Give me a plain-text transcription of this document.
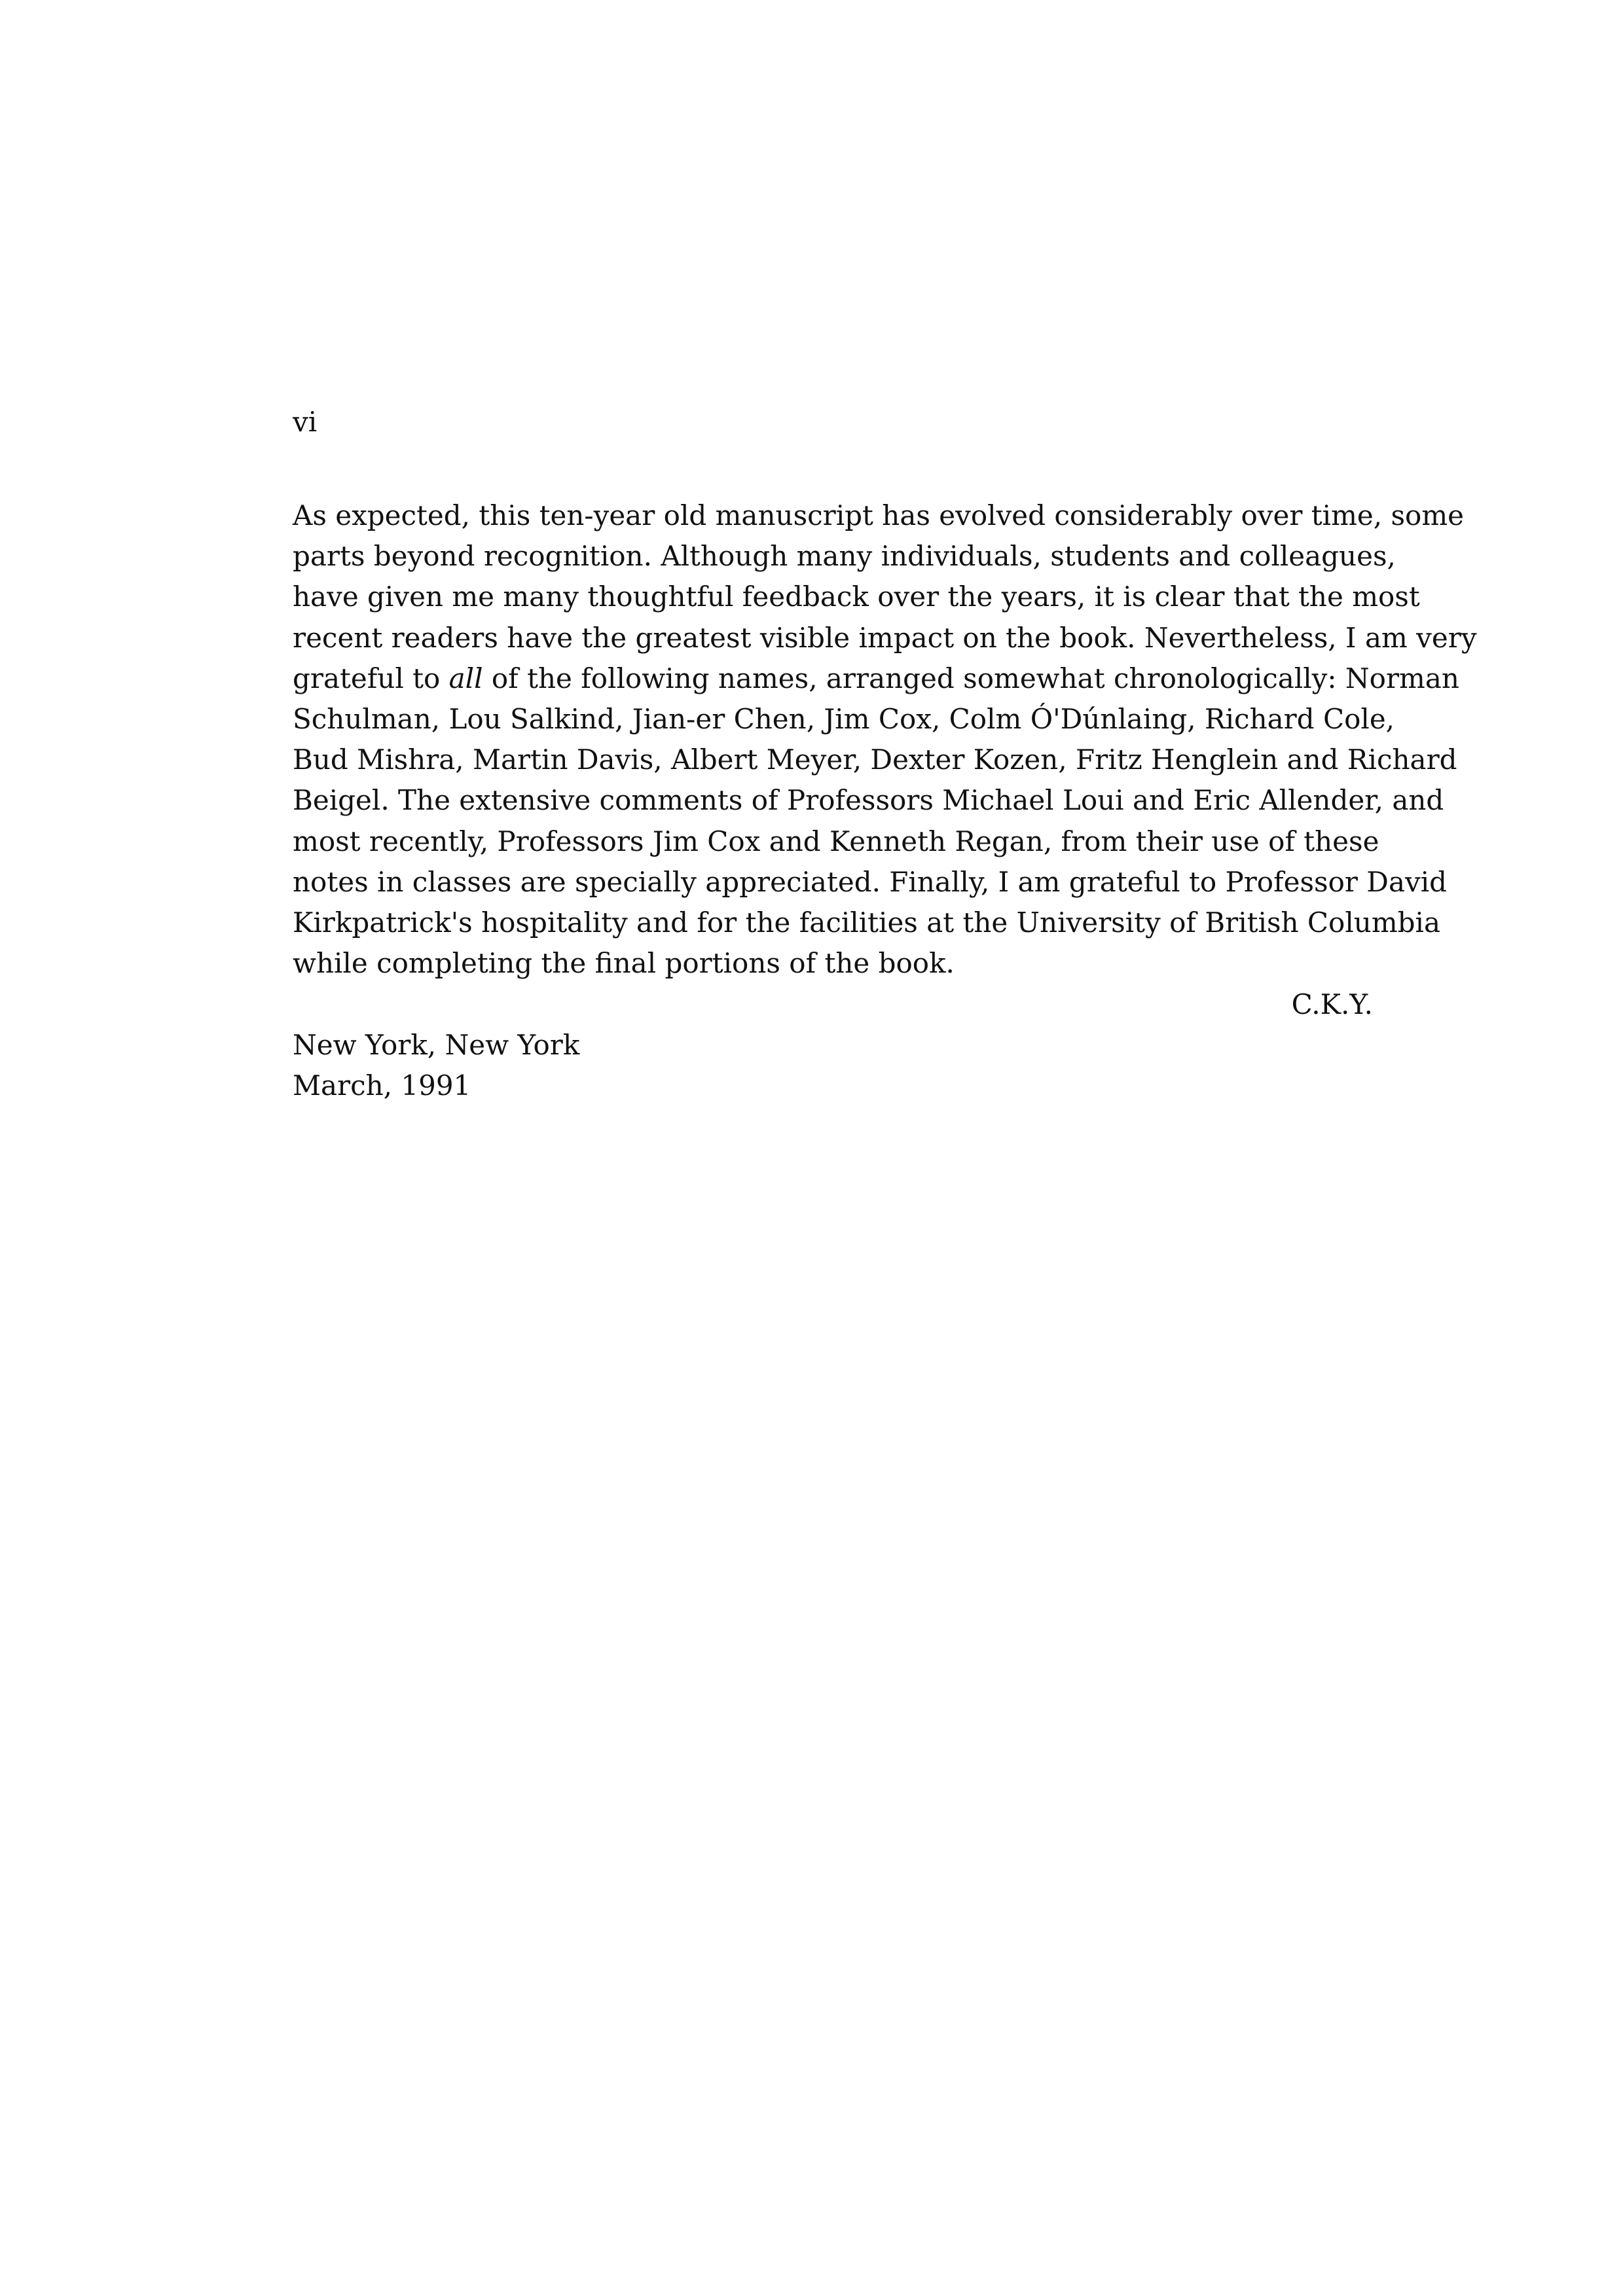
vi
As expected, this ten-year old manuscript has evolved considerably over time, some
parts beyond recognition. Although many individuals, students and colleagues,
have given me many thoughtful feedback over the years, it is clear that the most
recent readers have the greatest visible impact on the book. Nevertheless, I am very
grateful to all of the following names, arranged somewhat chronologically: Norman
Schulman, Lou Salkind, Jian-er Chen, Jim Cox, Colm Ó'Dúnlaing, Richard Cole,
Bud Mishra, Martin Davis, Albert Meyer, Dexter Kozen, Fritz Henglein and Richard
Beigel. The extensive comments of Professors Michael Loui and Eric Allender, and
most recently, Professors Jim Cox and Kenneth Regan, from their use of these
notes in classes are specially appreciated. Finally, I am grateful to Professor David
Kirkpatrick's hospitality and for the facilities at the University of British Columbia
while completing the final portions of the book.
C.K.Y.
New York, New York
March, 1991
